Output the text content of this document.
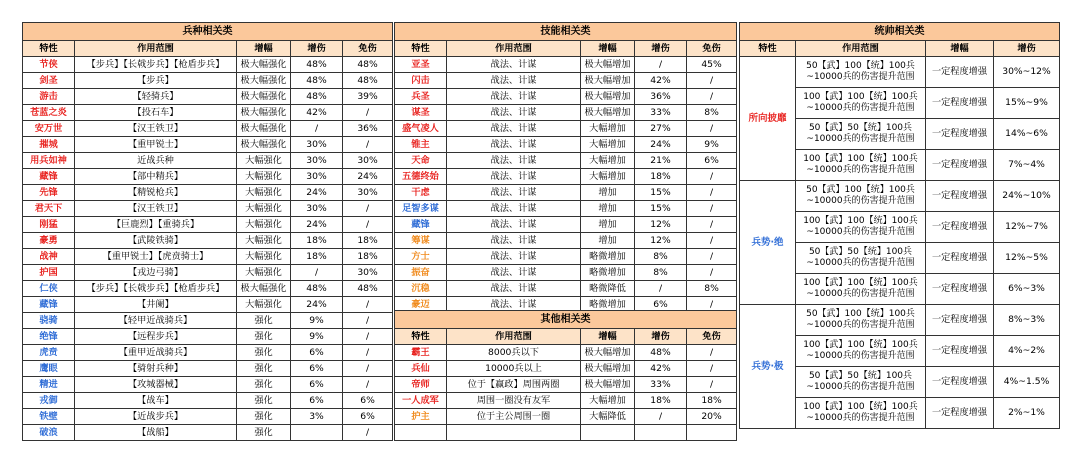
兵种相关类				
特性	作用范围	增幅	增伤	免伤
节侠	【步兵】【长戟步兵】【枪盾步兵】	极大幅强化	48%	48%
剑圣	【步兵】	极大幅强化	48%	48%
游击	【轻骑兵】	极大幅强化	48%	39%
苍蓝之炎	【投石车】	极大幅强化	42%	/
安万世	【汉王铁卫】	极大幅强化	/	36%
摧城	【重甲锐士】	极大幅强化	30%	/
用兵如神	近战兵种	大幅强化	30%	30%
藏锋	【部中精兵】	大幅强化	30%	24%
先锋	【精锐枪兵】	大幅强化	24%	30%
君天下	【汉王铁卫】	大幅强化	30%	/
刚猛	【巨鹿烈】【重骑兵】	大幅强化	24%	/
豪勇	【武陵铁骑】	大幅强化	18%	18%
战神	【重甲锐士】【虎贲骑士】	大幅强化	18%	18%
护国	【戎边弓骑】	大幅强化	/	30%
仁侠	【步兵】【长戟步兵】【枪盾步兵】	极大幅强化	48%	48%
藏锋	【井阑】	大幅强化	24%	/
骁骑	【轻甲近战骑兵】	强化	9%	/
绝锋	【远程步兵】	强化	9%	/
虎贲	【重甲近战骑兵】	强化	6%	/
鹰眼	【骑射兵种】	强化	6%	/
精进	【攻城器械】	强化	6%	/
戎御	【战车】	强化	6%	6%
铁壁	【近战步兵】	强化	3%	6%
破浪	【战船】	强化		/
技能相关类				
特性	作用范围	增幅	增伤	免伤
亚圣	战法、计谋	极大幅增加	/	45%
闪击	战法、计谋	极大幅增加	42%	/
兵圣	战法、计谋	极大幅增加	36%	/
谋圣	战法、计谋	极大幅增加	33%	8%
盛气凌人	战法、计谋	大幅增加	27%	/
锥主	战法、计谋	大幅增加	24%	9%
天命	战法、计谋	大幅增加	21%	6%
五德终始	战法、计谋	大幅增加	18%	/
干虑	战法、计谋	增加	15%	/
足智多谋	战法、计谋	增加	15%	/
藏锋	战法、计谋	增加	12%	/
筹谋	战法、计谋	增加	12%	/
方士	战法、计谋	略微增加	8%	/
振奋	战法、计谋	略微增加	8%	/
沉稳	战法、计谋	略微降低	/	8%
豪迈	战法、计谋	略微增加	6%	/
其他相关类				
特性	作用范围	增幅	增伤	免伤
霸王	8000兵以下	极大幅增加	48%	/
兵仙	10000兵以上	极大幅增加	42%	/
帝师	位于【赢政】周围两圈	极大幅增加	33%	/
一人成军	周围一圈没有友军	大幅增加	18%	18%
护主	位于主公周围一圈	大幅降低	/	20%

统帅相关类			
特性	作用范围	增幅	增伤
所向披靡	50【武】100【统】100兵~10000兵的伤害提升范围	一定程度增强	30%~12%
	100【武】100【统】100兵~10000兵的伤害提升范围	一定程度增强	15%~9%
	50【武】50【统】100兵~10000兵的伤害提升范围	一定程度增强	14%~6%
	100【武】100【统】100兵~10000兵的伤害提升范围	一定程度增强	7%~4%
兵势·绝	50【武】100【统】100兵~10000兵的伤害提升范围	一定程度增强	24%~10%
	100【武】100【统】100兵~10000兵的伤害提升范围	一定程度增强	12%~7%
	50【武】50【统】100兵~10000兵的伤害提升范围	一定程度增强	12%~5%
	100【武】100【统】100兵~10000兵的伤害提升范围	一定程度增强	6%~3%
兵势·极	50【武】100【统】100兵~10000兵的伤害提升范围	一定程度增强	8%~3%
	100【武】100【统】100兵~10000兵的伤害提升范围	一定程度增强	4%~2%
	50【武】50【统】100兵~10000兵的伤害提升范围	一定程度增强	4%~1.5%
	100【武】100【统】100兵~10000兵的伤害提升范围	一定程度增强	2%~1%
